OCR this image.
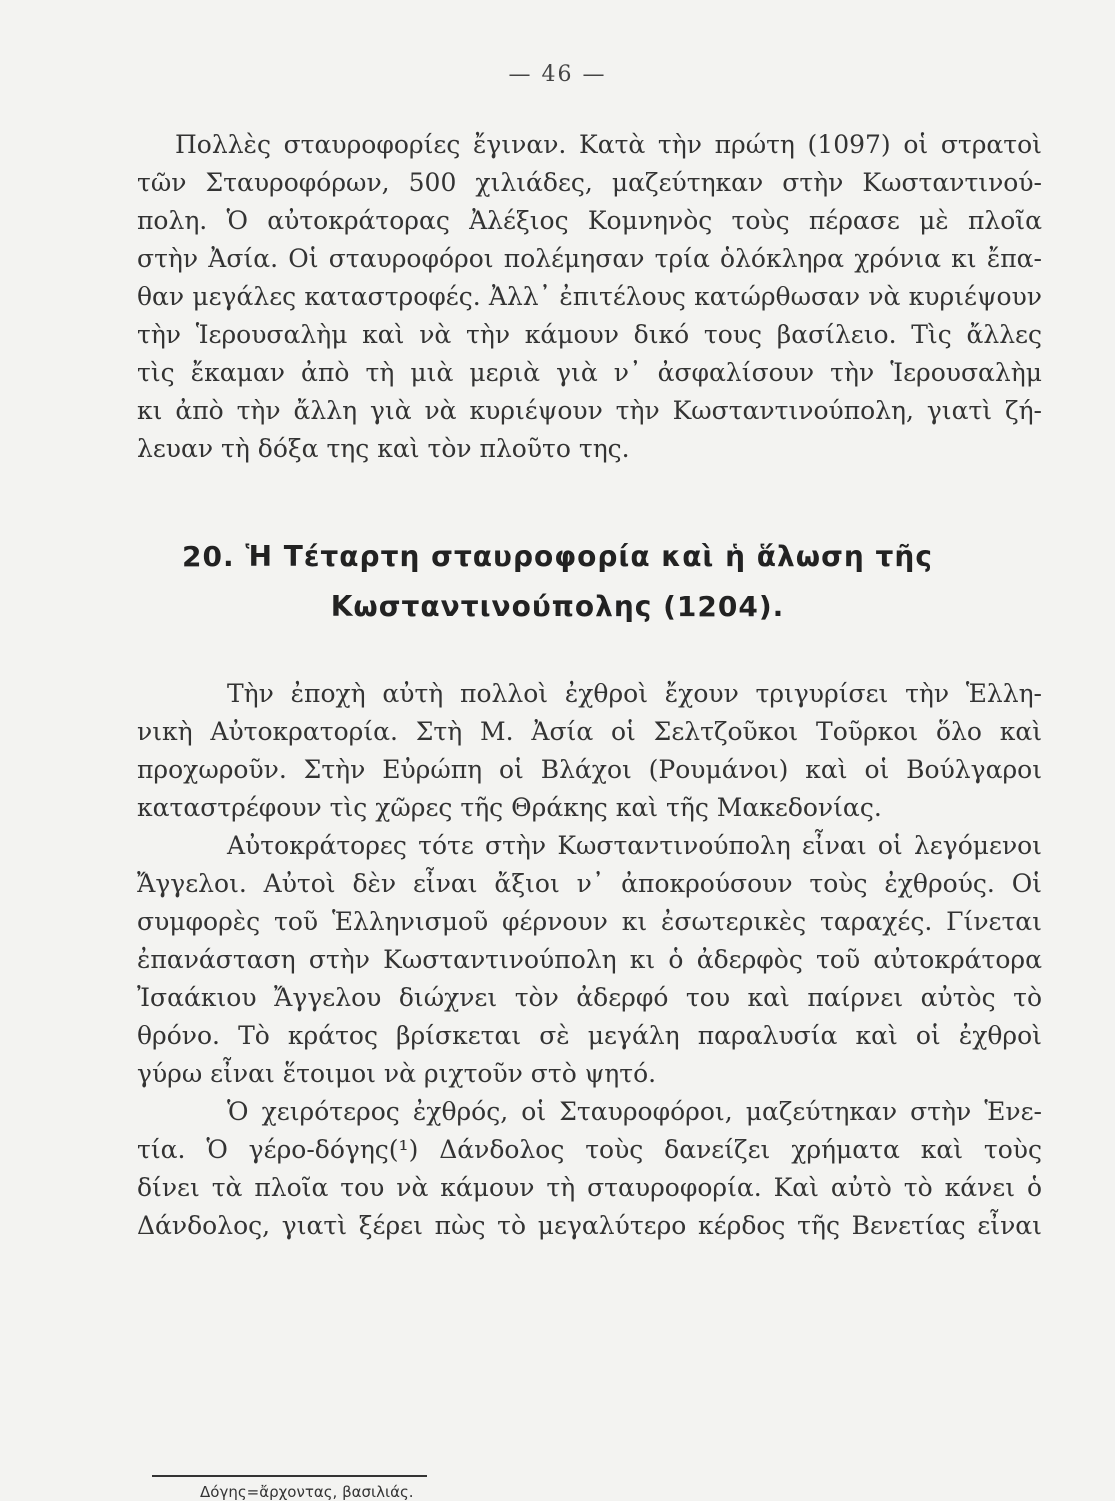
— 46 —
Πολλὲς σταυροφορίες ἔγιναν. Κατὰ τὴν πρώτη (1097) οἱ στρατοὶ
τῶν Σταυροφόρων, 500 χιλιάδες, μαζεύτηκαν στὴν Κωσταντινού-
πολη. Ὁ αὐτοκράτορας Ἀλέξιος Κομνηνὸς τοὺς πέρασε μὲ πλοῖα
στὴν Ἀσία. Οἱ σταυροφόροι πολέμησαν τρία ὁλόκληρα χρόνια κι ἔπα-
θαν μεγάλες καταστροφές. Ἀλλ᾽ ἐπιτέλους κατώρθωσαν νὰ κυριέψουν
τὴν Ἱερουσαλὴμ καὶ νὰ τὴν κάμουν δικό τους βασίλειο. Τὶς ἄλλες
τὶς ἔκαμαν ἀπὸ τὴ μιὰ μεριὰ γιὰ ν᾽ ἀσφαλίσουν τὴν Ἱερουσαλὴμ
κι ἀπὸ τὴν ἄλλη γιὰ νὰ κυριέψουν τὴν Κωσταντινούπολη, γιατὶ ζή-
λευαν τὴ δόξα της καὶ τὸν πλοῦτο της.
20. Ἡ Τέταρτη σταυροφορία καὶ ἡ ἅλωση τῆς
Κωσταντινούπολης (1204).
Τὴν ἐποχὴ αὐτὴ πολλοὶ ἐχθροὶ ἔχουν τριγυρίσει τὴν Ἑλλη-
νικὴ Αὐτοκρατορία. Στὴ Μ. Ἀσία οἱ Σελτζοῦκοι Τοῦρκοι ὅλο καὶ
προχωροῦν. Στὴν Εὐρώπη οἱ Βλάχοι (Ρουμάνοι) καὶ οἱ Βούλγαροι
καταστρέφουν τὶς χῶρες τῆς Θράκης καὶ τῆς Μακεδονίας.
Αὐτοκράτορες τότε στὴν Κωσταντινούπολη εἶναι οἱ λεγόμενοι
Ἄγγελοι. Αὐτοὶ δὲν εἶναι ἄξιοι ν᾽ ἀποκρούσουν τοὺς ἐχθρούς. Οἱ
συμφορὲς τοῦ Ἑλληνισμοῦ φέρνουν κι ἐσωτερικὲς ταραχές. Γίνεται
ἐπανάσταση στὴν Κωσταντινούπολη κι ὁ ἀδερφὸς τοῦ αὐτοκράτορα
Ἰσαάκιου Ἄγγελου διώχνει τὸν ἀδερφό του καὶ παίρνει αὐτὸς τὸ
θρόνο. Τὸ κράτος βρίσκεται σὲ μεγάλη παραλυσία καὶ οἱ ἐχθροὶ
γύρω εἶναι ἕτοιμοι νὰ ριχτοῦν στὸ ψητό.
Ὁ χειρότερος ἐχθρός, οἱ Σταυροφόροι, μαζεύτηκαν στὴν Ἑνε-
τία. Ὁ γέρο-δόγης(¹) Δάνδολος τοὺς δανείζει χρήματα καὶ τοὺς
δίνει τὰ πλοῖα του νὰ κάμουν τὴ σταυροφορία. Καὶ αὐτὸ τὸ κάνει ὁ
Δάνδολος, γιατὶ ξέρει πὼς τὸ μεγαλύτερο κέρδος τῆς Βενετίας εἶναι
Δόγης=ἄρχοντας, βασιλιάς.
